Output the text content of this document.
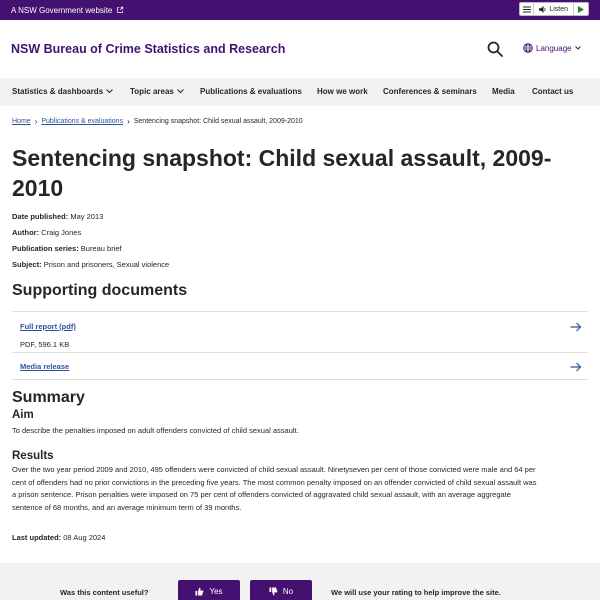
A NSW Government website	Listen
NSW Bureau of Crime Statistics and Research	Language
Statistics & dashboards	Topic areas	Publications & evaluations How we work Conferences & seminars Media Contact us
Home › Publications & evaluations › Sentencing snapshot: Child sexual assault, 2009-2010
Sentencing snapshot: Child sexual assault, 2009-
2010
Date published: May 2013
Author: Craig Jones
Publication series: Bureau brief
Subject: Prison and prisoners, Sexual violence
Supporting documents
Full report (pdf)
PDF, 596.1 KB
Media release
Summary
Aim
To describe the penalties imposed on adult offenders convicted of child sexual assault.
Results
Over the two year period 2009 and 2010, 495 offenders were convicted of child sexual assault. Ninetyseven per cent of those convicted were male and 64 per
cent of offenders had no prior convictions in the preceding five years. The most common penalty imposed on an offender convicted of child sexual assault was
a prison sentence. Prison penalties were imposed on 75 per cent of offenders convicted of aggravated child sexual assault, with an average aggregate
sentence of 68 months, and an average minimum term of 39 months.
Last updated: 08 Aug 2024
Was this content useful?	Yes	No	We will use your rating to help improve the site.
